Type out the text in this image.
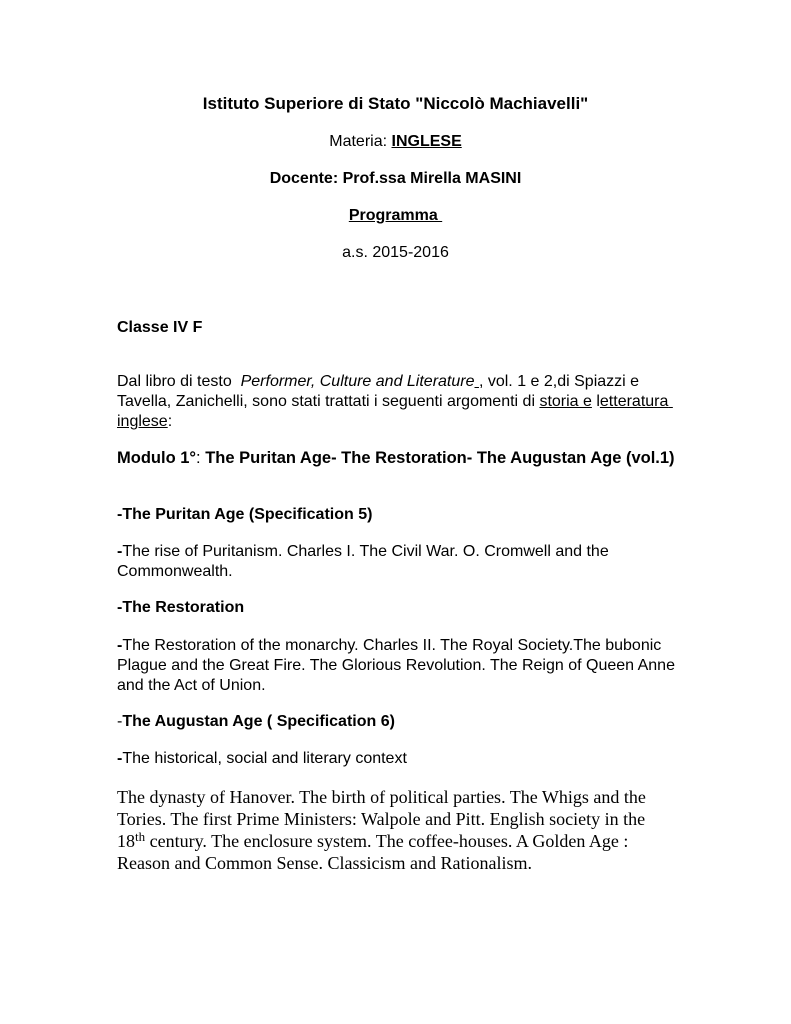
Istituto Superiore di Stato "Niccolò Machiavelli"
Materia: INGLESE
Docente: Prof.ssa Mirella MASINI
Programma
a.s. 2015-2016
Classe IV F
Dal libro di testo  Performer, Culture and Literature , vol. 1 e 2,di Spiazzi e Tavella, Zanichelli, sono stati trattati i seguenti argomenti di storia e letteratura inglese:
Modulo 1°: The Puritan Age- The Restoration- The Augustan Age (vol.1)
-The Puritan Age (Specification 5)
-The rise of Puritanism. Charles I. The Civil War. O. Cromwell and the Commonwealth.
-The Restoration
-The Restoration of the monarchy. Charles II. The Royal Society.The bubonic Plague and the Great Fire. The Glorious Revolution. The Reign of Queen Anne and the Act of Union.
-The Augustan Age ( Specification 6)
-The historical, social and literary context
The dynasty of Hanover. The birth of political parties. The Whigs and the Tories. The first Prime Ministers: Walpole and Pitt. English society in the 18th century. The enclosure system. The coffee-houses. A Golden Age : Reason and Common Sense. Classicism and Rationalism.
